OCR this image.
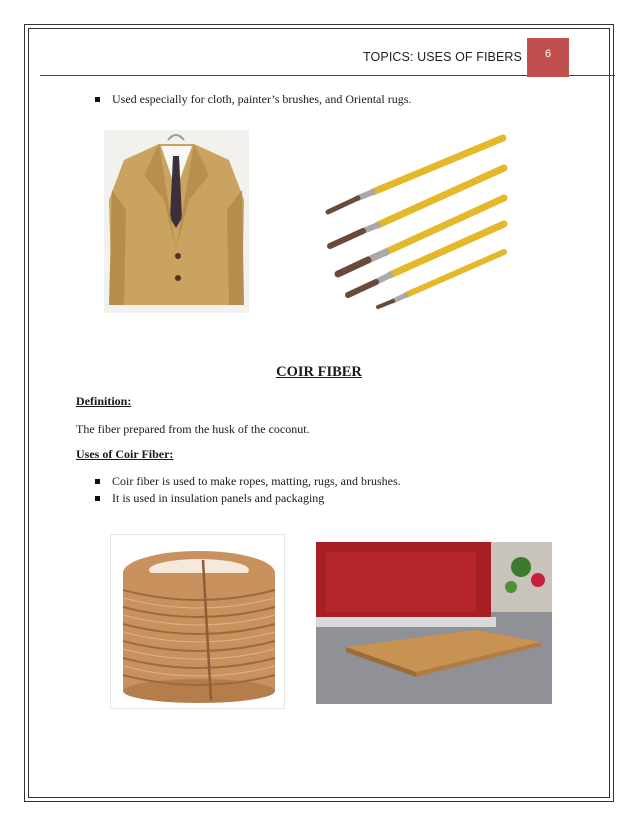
TOPICS: USES OF FIBERS	6
Used especially for cloth, painter’s brushes, and Oriental rugs.
COIR FIBER
Definition:
The fiber prepared from the husk of the coconut.
Uses of Coir Fiber:
Coir fiber is used to make ropes, matting, rugs, and brushes.
It is used in insulation panels and packaging
